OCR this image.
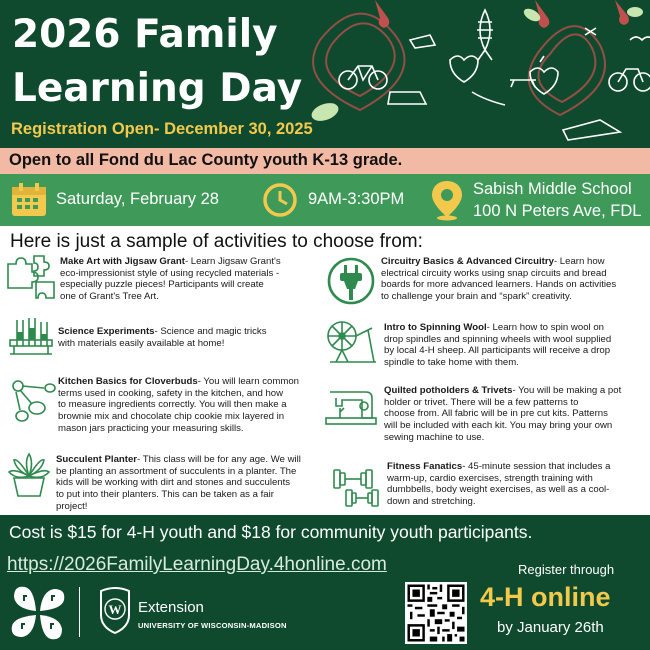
2026 Family
Learning Day
Registration Open- December 30, 2025
Open to all Fond du Lac County youth K-13 grade.
Saturday, February 28	9AM-3:30PM
Sabish Middle School
100 N Peters Ave, FDL
Here is just a sample of activities to choose from:
Make Art with Jigsaw Grant- Learn Jigsaw Grant's
eco-impressionist style of using recycled materials -
especially puzzle pieces! Participants will create
one of Grant's Tree Art.
Science Experiments- Science and magic tricks
with materials easily available at home!
Kitchen Basics for Cloverbuds- You will learn common
terms used in cooking, safety in the kitchen, and how
to measure ingredients correctly. You will then make a
brownie mix and chocolate chip cookie mix layered in
mason jars practicing your measuring skills.
Succulent Planter- This class will be for any age. We will
be planting an assortment of succulents in a planter. The
kids will be working with dirt and stones and succulents
to put into their planters. This can be taken as a fair
project!
Circuitry Basics & Advanced Circuitry- Learn how
electrical circuity works using snap circuits and bread
boards for more advanced learners. Hands on activities
to challenge your brain and “spark” creativity.
Intro to Spinning Wool- Learn how to spin wool on
drop spindles and spinning wheels with wool supplied
by local 4-H sheep. All participants will receive a drop
spindle to take home with them.
Quilted potholders & Trivets- You will be making a pot
holder or trivet. There will be a few patterns to
choose from. All fabric will be in pre cut kits. Patterns
will be included with each kit. You may bring your own
sewing machine to use.
Fitness Fanatics- 45-minute session that includes a
warm-up, cardio exercises, strength training with
dumbbells, body weight exercises, as well as a cool-
down and stretching.
Cost is $15 for 4-H youth and $18 for community youth participants.
https://2026FamilyLearningDay.4honline.com
W Extension
UNIVERSITY OF WISCONSIN-MADISON
Register through
4-H online
by January 26th
